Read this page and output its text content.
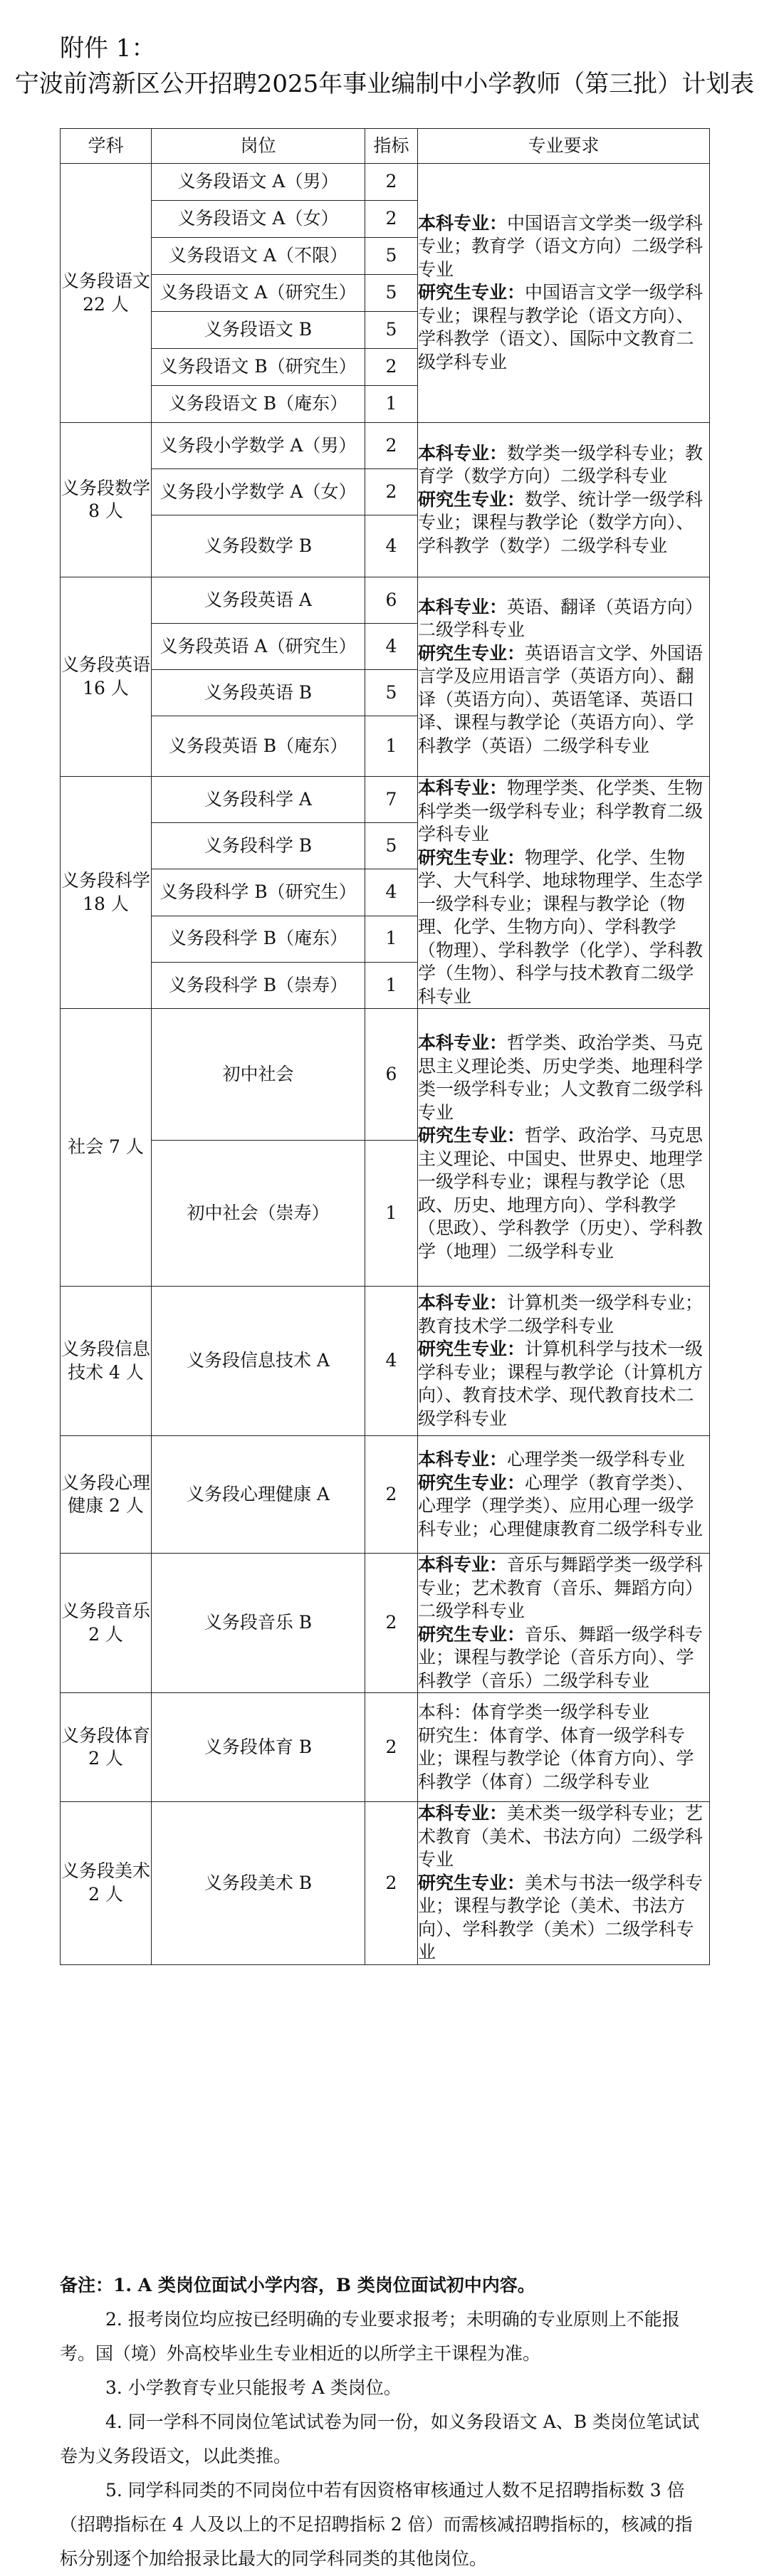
附件 1：
宁波前湾新区公开招聘2025年事业编制中小学教师（第三批）计划表
学科	岗位	指标	专业要求
义务段语文 22 人	义务段语文 A（男）	2	本科专业：中国语言文学类一级学科专业；教育学（语文方向）二级学科专业
研究生专业：中国语言文学一级学科专业；课程与教学论（语文方向）、学科教学（语文）、国际中文教育二级学科专业

	义务段语文 A（女）	2	
	义务段语文 A（不限）	5	
	义务段语文 A（研究生）	5	
	义务段语文 B	5	
	义务段语文 B（研究生）	2	
	义务段语文 B（庵东）	1	
义务段数学 8 人	义务段小学数学 A（男）	2	本科专业：数学类一级学科专业；教育学（数学方向）二级学科专业
研究生专业：数学、统计学一级学科专业；课程与教学论（数学方向）、学科教学（数学）二级学科专业

	义务段小学数学 A（女）	2	
	义务段数学 B	4	
义务段英语 16 人	义务段英语 A	6	本科专业：英语、翻译（英语方向）二级学科专业
研究生专业：英语语言文学、外国语言学及应用语言学（英语方向）、翻译（英语方向）、英语笔译、英语口译、课程与教学论（英语方向）、学科教学（英语）二级学科专业

	义务段英语 A（研究生）	4	
	义务段英语 B	5	
	义务段英语 B（庵东）	1	
义务段科学 18 人	义务段科学 A	7	本科专业：物理学类、化学类、生物科学类一级学科专业；科学教育二级学科专业
研究生专业：物理学、化学、生物学、大气科学、地球物理学、生态学一级学科专业；课程与教学论（物理、化学、生物方向）、学科教学（物理）、学科教学（化学）、学科教学（生物）、科学与技术教育二级学科专业

	义务段科学 B	5	
	义务段科学 B（研究生）	4	
	义务段科学 B（庵东）	1	
	义务段科学 B（崇寿）	1	
社会 7 人	初中社会	6	本科专业：哲学类、政治学类、马克思主义理论类、历史学类、地理科学类一级学科专业；人文教育二级学科专业
研究生专业：哲学、政治学、马克思主义理论、中国史、世界史、地理学一级学科专业；课程与教学论（思政、历史、地理方向）、学科教学（思政）、学科教学（历史）、学科教学（地理）二级学科专业

	初中社会（崇寿）	1	
义务段信息技术 4 人	义务段信息技术 A	4	本科专业：计算机类一级学科专业；教育技术学二级学科专业
研究生专业：计算机科学与技术一级学科专业；课程与教学论（计算机方向）、教育技术学、现代教育技术二级学科专业

义务段心理健康 2 人	义务段心理健康 A	2	本科专业：心理学类一级学科专业
研究生专业：心理学（教育学类）、心理学（理学类）、应用心理一级学科专业；心理健康教育二级学科专业

义务段音乐 2 人	义务段音乐 B	2	本科专业：音乐与舞蹈学类一级学科专业；艺术教育（音乐、舞蹈方向）二级学科专业
研究生专业：音乐、舞蹈一级学科专业；课程与教学论（音乐方向）、学科教学（音乐）二级学科专业

义务段体育 2 人	义务段体育 B	2	本科：体育学类一级学科专业
研究生：体育学、体育一级学科专业；课程与教学论（体育方向）、学科教学（体育）二级学科专业

义务段美术 2 人	义务段美术 B	2	本科专业：美术类一级学科专业；艺术教育（美术、书法方向）二级学科专业
研究生专业：美术与书法一级学科专业；课程与教学论（美术、书法方向）、学科教学（美术）二级学科专业

备注：1. A 类岗位面试小学内容，B 类岗位面试初中内容。

2. 报考岗位均应按已经明确的专业要求报考；未明确的专业原则上不能报考。国（境）外高校毕业生专业相近的以所学主干课程为准。

3. 小学教育专业只能报考 A 类岗位。

4. 同一学科不同岗位笔试试卷为同一份，如义务段语文 A、B 类岗位笔试试卷为义务段语文，以此类推。

5. 同学科同类的不同岗位中若有因资格审核通过人数不足招聘指标数 3 倍（招聘指标在 4 人及以上的不足招聘指标 2 倍）而需核减招聘指标的，核减的指标分别逐个加给报录比最大的同学科同类的其他岗位。
